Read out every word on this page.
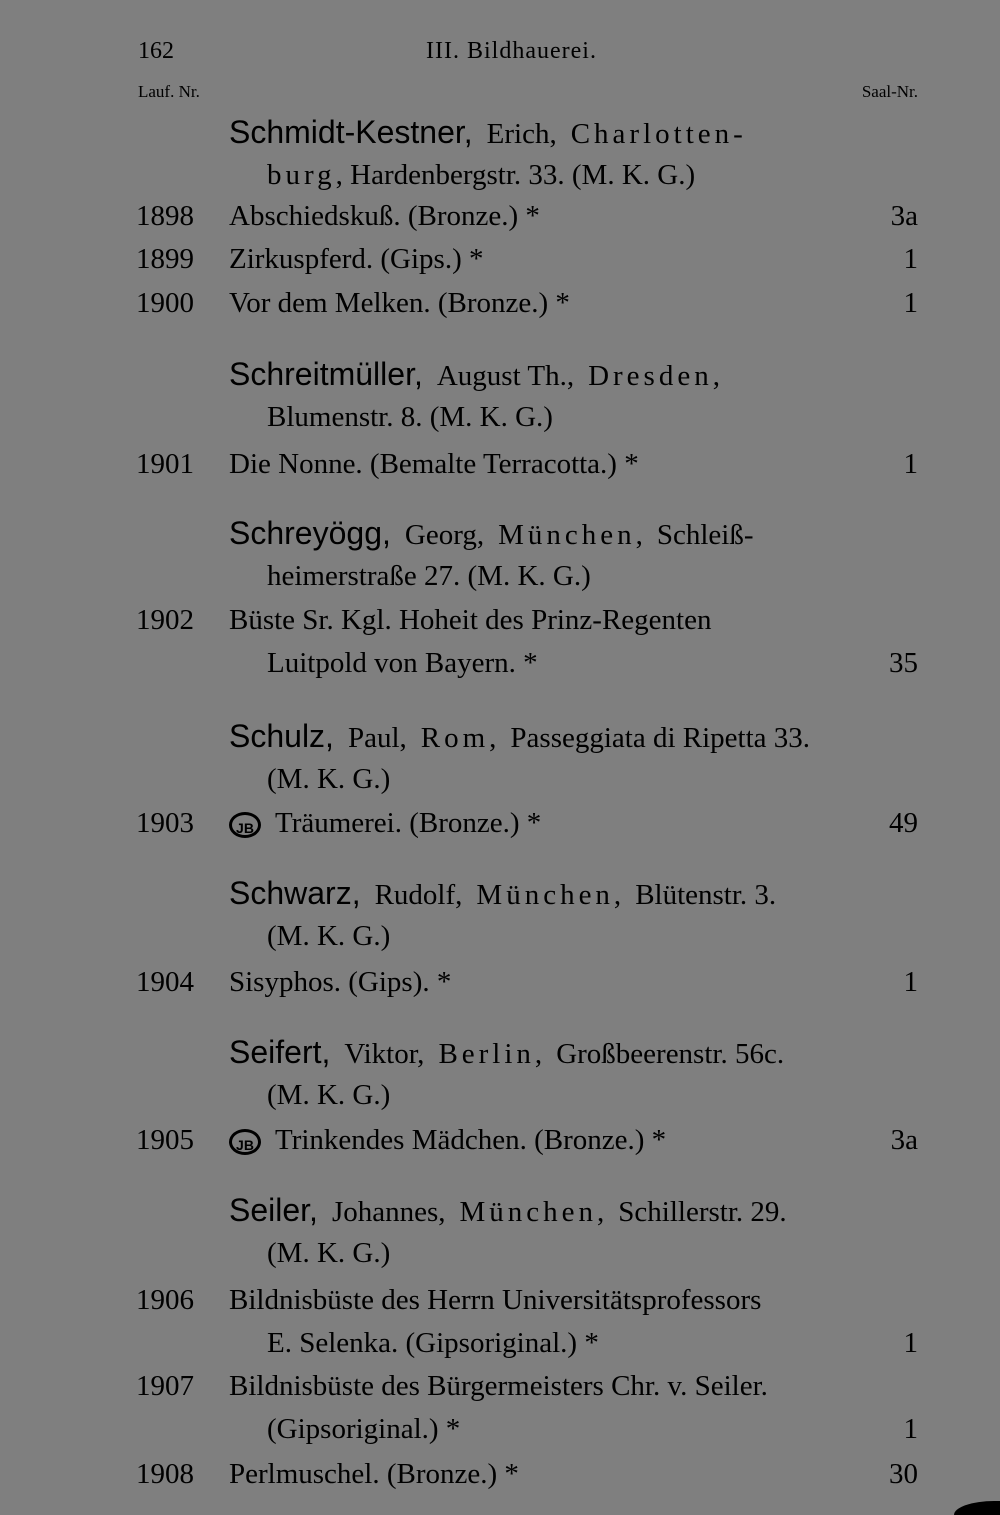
162	III. Bildhauerei.
Lauf. Nr.	Saal-Nr.
Schmidt-Kestner, Erich, Charlotten-
burg, Hardenbergstr. 33. (M. K. G.)
1898	Abschiedskuß. (Bronze.) *	3a
1899	Zirkuspferd. (Gips.) *	1
1900	Vor dem Melken. (Bronze.) *	1
Schreitmüller, August Th., Dresden,
Blumenstr. 8. (M. K. G.)
1901	Die Nonne. (Bemalte Terracotta.) *	1
Schreyögg, Georg, München, Schleiß-
heimerstraße 27. (M. K. G.)
1902	Büste Sr. Kgl. Hoheit des Prinz-Regenten
Luitpold von Bayern. *	35
Schulz, Paul, Rom, Passeggiata di Ripetta 33.
(M. K. G.)
1903	JB Träumerei. (Bronze.) *	49
Schwarz, Rudolf, München, Blütenstr. 3.
(M. K. G.)
1904	Sisyphos. (Gips). *	1
Seifert, Viktor, Berlin, Großbeerenstr. 56c.
(M. K. G.)
1905	JB Trinkendes Mädchen. (Bronze.) *	3a
Seiler, Johannes, München, Schillerstr. 29.
(M. K. G.)
1906	Bildnisbüste des Herrn Universitätsprofessors
E. Selenka. (Gipsoriginal.) *	1
1907	Bildnisbüste des Bürgermeisters Chr. v. Seiler.
(Gipsoriginal.) *	1
1908	Perlmuschel. (Bronze.) *	30
